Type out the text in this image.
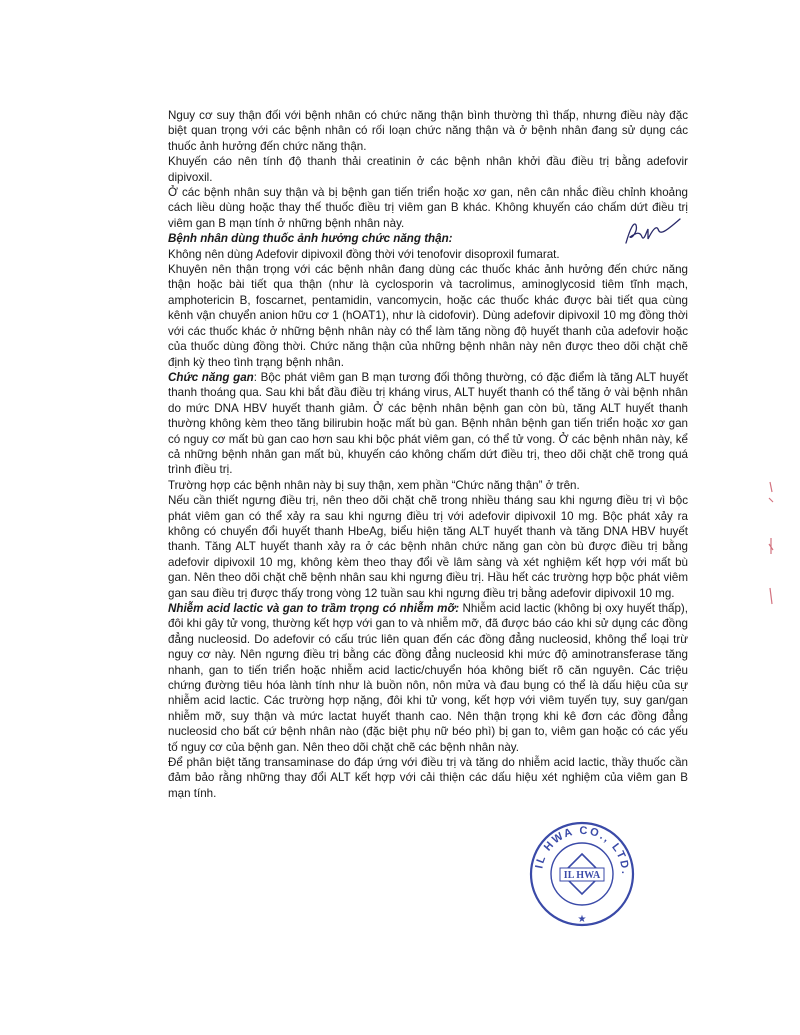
Nguy cơ suy thận đối với bệnh nhân có chức năng thận bình thường thì thấp, nhưng điều này đặc biệt quan trọng với các bệnh nhân có rối loạn chức năng thận và ở bệnh nhân đang sử dụng các thuốc ảnh hưởng đến chức năng thận.

Khuyến cáo nên tính độ thanh thải creatinin ở các bệnh nhân khởi đầu điều trị bằng adefovir dipivoxil.

Ở các bệnh nhân suy thận và bị bệnh gan tiến triển hoặc xơ gan, nên cân nhắc điều chỉnh khoảng cách liều dùng hoặc thay thế thuốc điều trị viêm gan B khác. Không khuyến cáo chấm dứt điều trị viêm gan B mạn tính ở những bệnh nhân này.

Bệnh nhân dùng thuốc ảnh hưởng chức năng thận:

Không nên dùng Adefovir dipivoxil đồng thời với tenofovir disoproxil fumarat.

Khuyên nên thận trọng với các bệnh nhân đang dùng các thuốc khác ảnh hưởng đến chức năng thận hoặc bài tiết qua thận (như là cyclosporin và tacrolimus, aminoglycosid tiêm tĩnh mạch, amphotericin B, foscarnet, pentamidin, vancomycin, hoặc các thuốc khác được bài tiết qua cùng kênh vận chuyển anion hữu cơ 1 (hOAT1), như là cidofovir). Dùng adefovir dipivoxil 10 mg đồng thời với các thuốc khác ở những bệnh nhân này có thể làm tăng nồng độ huyết thanh của adefovir hoặc của thuốc dùng đồng thời. Chức năng thận của những bệnh nhân này nên được theo dõi chặt chẽ định kỳ theo tình trạng bệnh nhân.

Chức năng gan: Bộc phát viêm gan B mạn tương đối thông thường, có đặc điểm là tăng ALT huyết thanh thoáng qua. Sau khi bắt đầu điều trị kháng virus, ALT huyết thanh có thể tăng ở vài bệnh nhân do mức DNA HBV huyết thanh giảm. Ở các bệnh nhân bệnh gan còn bù, tăng ALT huyết thanh thường không kèm theo tăng bilirubin hoặc mất bù gan. Bệnh nhân bệnh gan tiến triển hoặc xơ gan có nguy cơ mất bù gan cao hơn sau khi bộc phát viêm gan, có thể tử vong. Ở các bệnh nhân này, kể cả những bệnh nhân gan mất bù, khuyến cáo không chấm dứt điều trị, theo dõi chặt chẽ trong quá trình điều trị.

Trường hợp các bệnh nhân này bị suy thận, xem phần “Chức năng thận” ở trên.

Nếu cần thiết ngưng điều trị, nên theo dõi chặt chẽ trong nhiều tháng sau khi ngưng điều trị vì bộc phát viêm gan có thể xảy ra sau khi ngưng điều trị với adefovir dipivoxil 10 mg. Bộc phát xảy ra không có chuyển đổi huyết thanh HbeAg, biểu hiện tăng ALT huyết thanh và tăng DNA HBV huyết thanh. Tăng ALT huyết thanh xảy ra ở các bệnh nhân chức năng gan còn bù được điều trị bằng adefovir dipivoxil 10 mg, không kèm theo thay đổi về lâm sàng và xét nghiệm kết hợp với mất bù gan. Nên theo dõi chặt chẽ bệnh nhân sau khi ngưng điều trị. Hầu hết các trường hợp bộc phát viêm gan sau điều trị được thấy trong vòng 12 tuần sau khi ngưng điều trị bằng adefovir dipivoxil 10 mg.

Nhiễm acid lactic và gan to trầm trọng có nhiễm mỡ: Nhiễm acid lactic (không bị oxy huyết thấp), đôi khi gây tử vong, thường kết hợp với gan to và nhiễm mỡ, đã được báo cáo khi sử dụng các đồng đẳng nucleosid. Do adefovir có cấu trúc liên quan đến các đồng đẳng nucleosid, không thể loại trừ nguy cơ này. Nên ngưng điều trị bằng các đồng đẳng nucleosid khi mức độ aminotransferase tăng nhanh, gan to tiến triển hoặc nhiễm acid lactic/chuyển hóa không biết rõ căn nguyên. Các triệu chứng đường tiêu hóa lành tính như là buồn nôn, nôn mửa và đau bụng có thể là dấu hiệu của sự nhiễm acid lactic. Các trường hợp nặng, đôi khi tử vong, kết hợp với viêm tuyến tụy, suy gan/gan nhiễm mỡ, suy thận và mức lactat huyết thanh cao. Nên thận trọng khi kê đơn các đồng đẳng nucleosid cho bất cứ bệnh nhân nào (đặc biệt phụ nữ béo phì) bị gan to, viêm gan hoặc có các yếu tố nguy cơ của bệnh gan. Nên theo dõi chặt chẽ các bệnh nhân này.

Để phân biệt tăng transaminase do đáp ứng với điều trị và tăng do nhiễm acid lactic, thầy thuốc cần đảm bảo rằng những thay đổi ALT kết hợp với cải thiện các dấu hiệu xét nghiệm của viêm gan B mạn tính.

IL HWA CO., LTD.
IL HWA
★
